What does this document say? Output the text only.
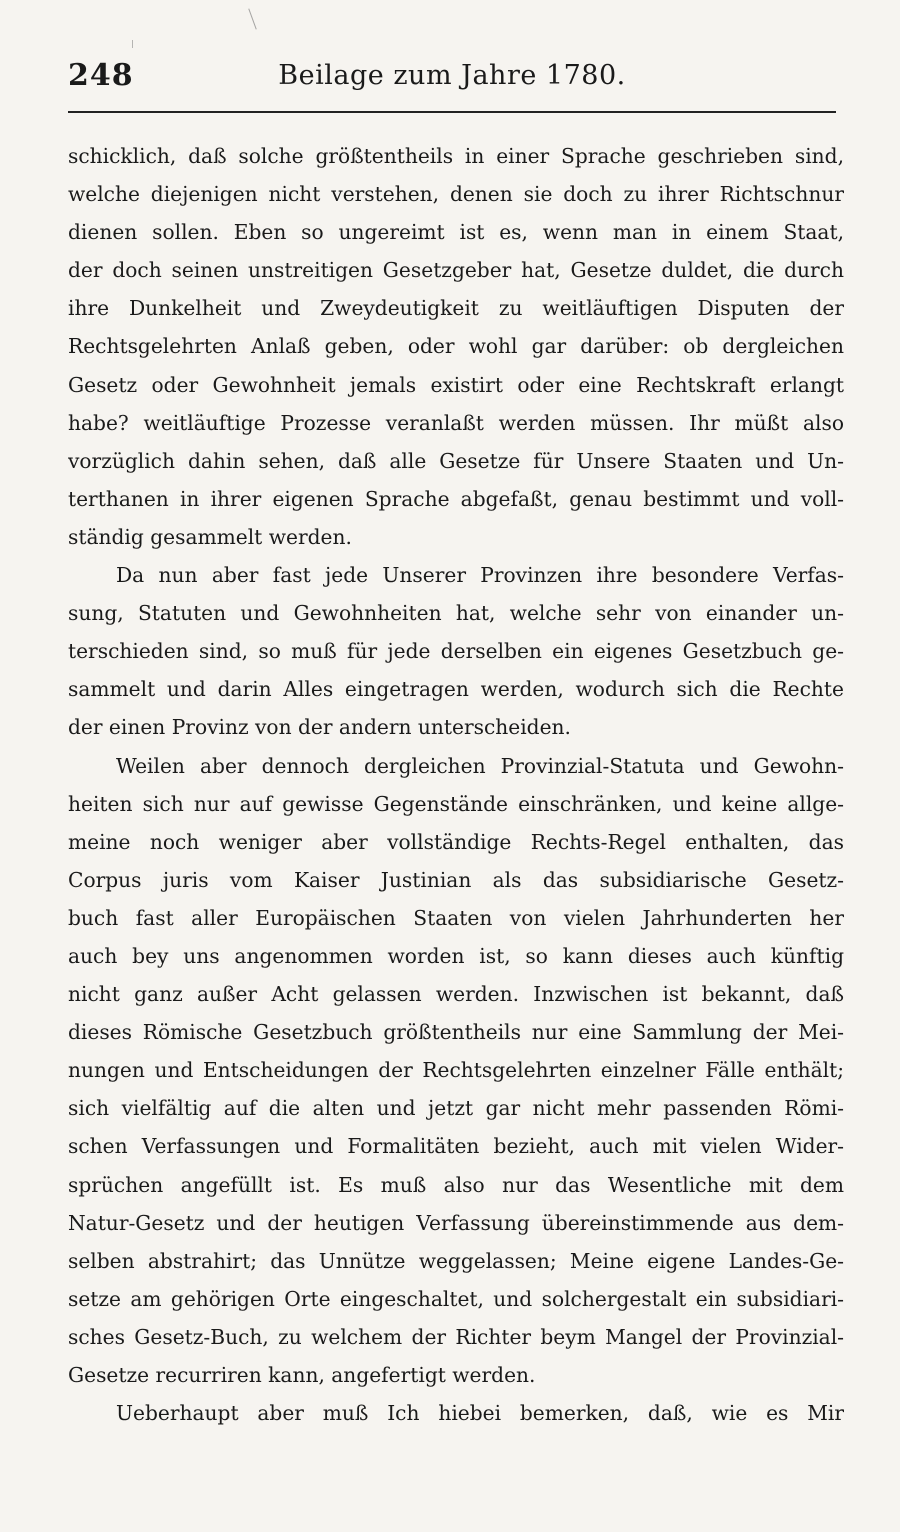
248	Beilage zum Jahre 1780.
schicklich, daß solche größtentheils in einer Sprache geschrieben sind,
welche diejenigen nicht verstehen, denen sie doch zu ihrer Richtschnur
dienen sollen. Eben so ungereimt ist es, wenn man in einem Staat,
der doch seinen unstreitigen Gesetzgeber hat, Gesetze duldet, die durch
ihre Dunkelheit und Zweydeutigkeit zu weitläuftigen Disputen der
Rechtsgelehrten Anlaß geben, oder wohl gar darüber: ob dergleichen
Gesetz oder Gewohnheit jemals existirt oder eine Rechtskraft erlangt
habe? weitläuftige Prozesse veranlaßt werden müssen. Ihr müßt also
vorzüglich dahin sehen, daß alle Gesetze für Unsere Staaten und Un-
terthanen in ihrer eigenen Sprache abgefaßt, genau bestimmt und voll-
ständig gesammelt werden.
Da nun aber fast jede Unserer Provinzen ihre besondere Verfas-
sung, Statuten und Gewohnheiten hat, welche sehr von einander un-
terschieden sind, so muß für jede derselben ein eigenes Gesetzbuch ge-
sammelt und darin Alles eingetragen werden, wodurch sich die Rechte
der einen Provinz von der andern unterscheiden.
Weilen aber dennoch dergleichen Provinzial-Statuta und Gewohn-
heiten sich nur auf gewisse Gegenstände einschränken, und keine allge-
meine noch weniger aber vollständige Rechts-Regel enthalten, das
Corpus juris vom Kaiser Justinian als das subsidiarische Gesetz-
buch fast aller Europäischen Staaten von vielen Jahrhunderten her
auch bey uns angenommen worden ist, so kann dieses auch künftig
nicht ganz außer Acht gelassen werden. Inzwischen ist bekannt, daß
dieses Römische Gesetzbuch größtentheils nur eine Sammlung der Mei-
nungen und Entscheidungen der Rechtsgelehrten einzelner Fälle enthält;
sich vielfältig auf die alten und jetzt gar nicht mehr passenden Römi-
schen Verfassungen und Formalitäten bezieht, auch mit vielen Wider-
sprüchen angefüllt ist. Es muß also nur das Wesentliche mit dem
Natur-Gesetz und der heutigen Verfassung übereinstimmende aus dem-
selben abstrahirt; das Unnütze weggelassen; Meine eigene Landes-Ge-
setze am gehörigen Orte eingeschaltet, und solchergestalt ein subsidiari-
sches Gesetz-Buch, zu welchem der Richter beym Mangel der Provinzial-
Gesetze recurriren kann, angefertigt werden.
Ueberhaupt aber muß Ich hiebei bemerken, daß, wie es Mir
